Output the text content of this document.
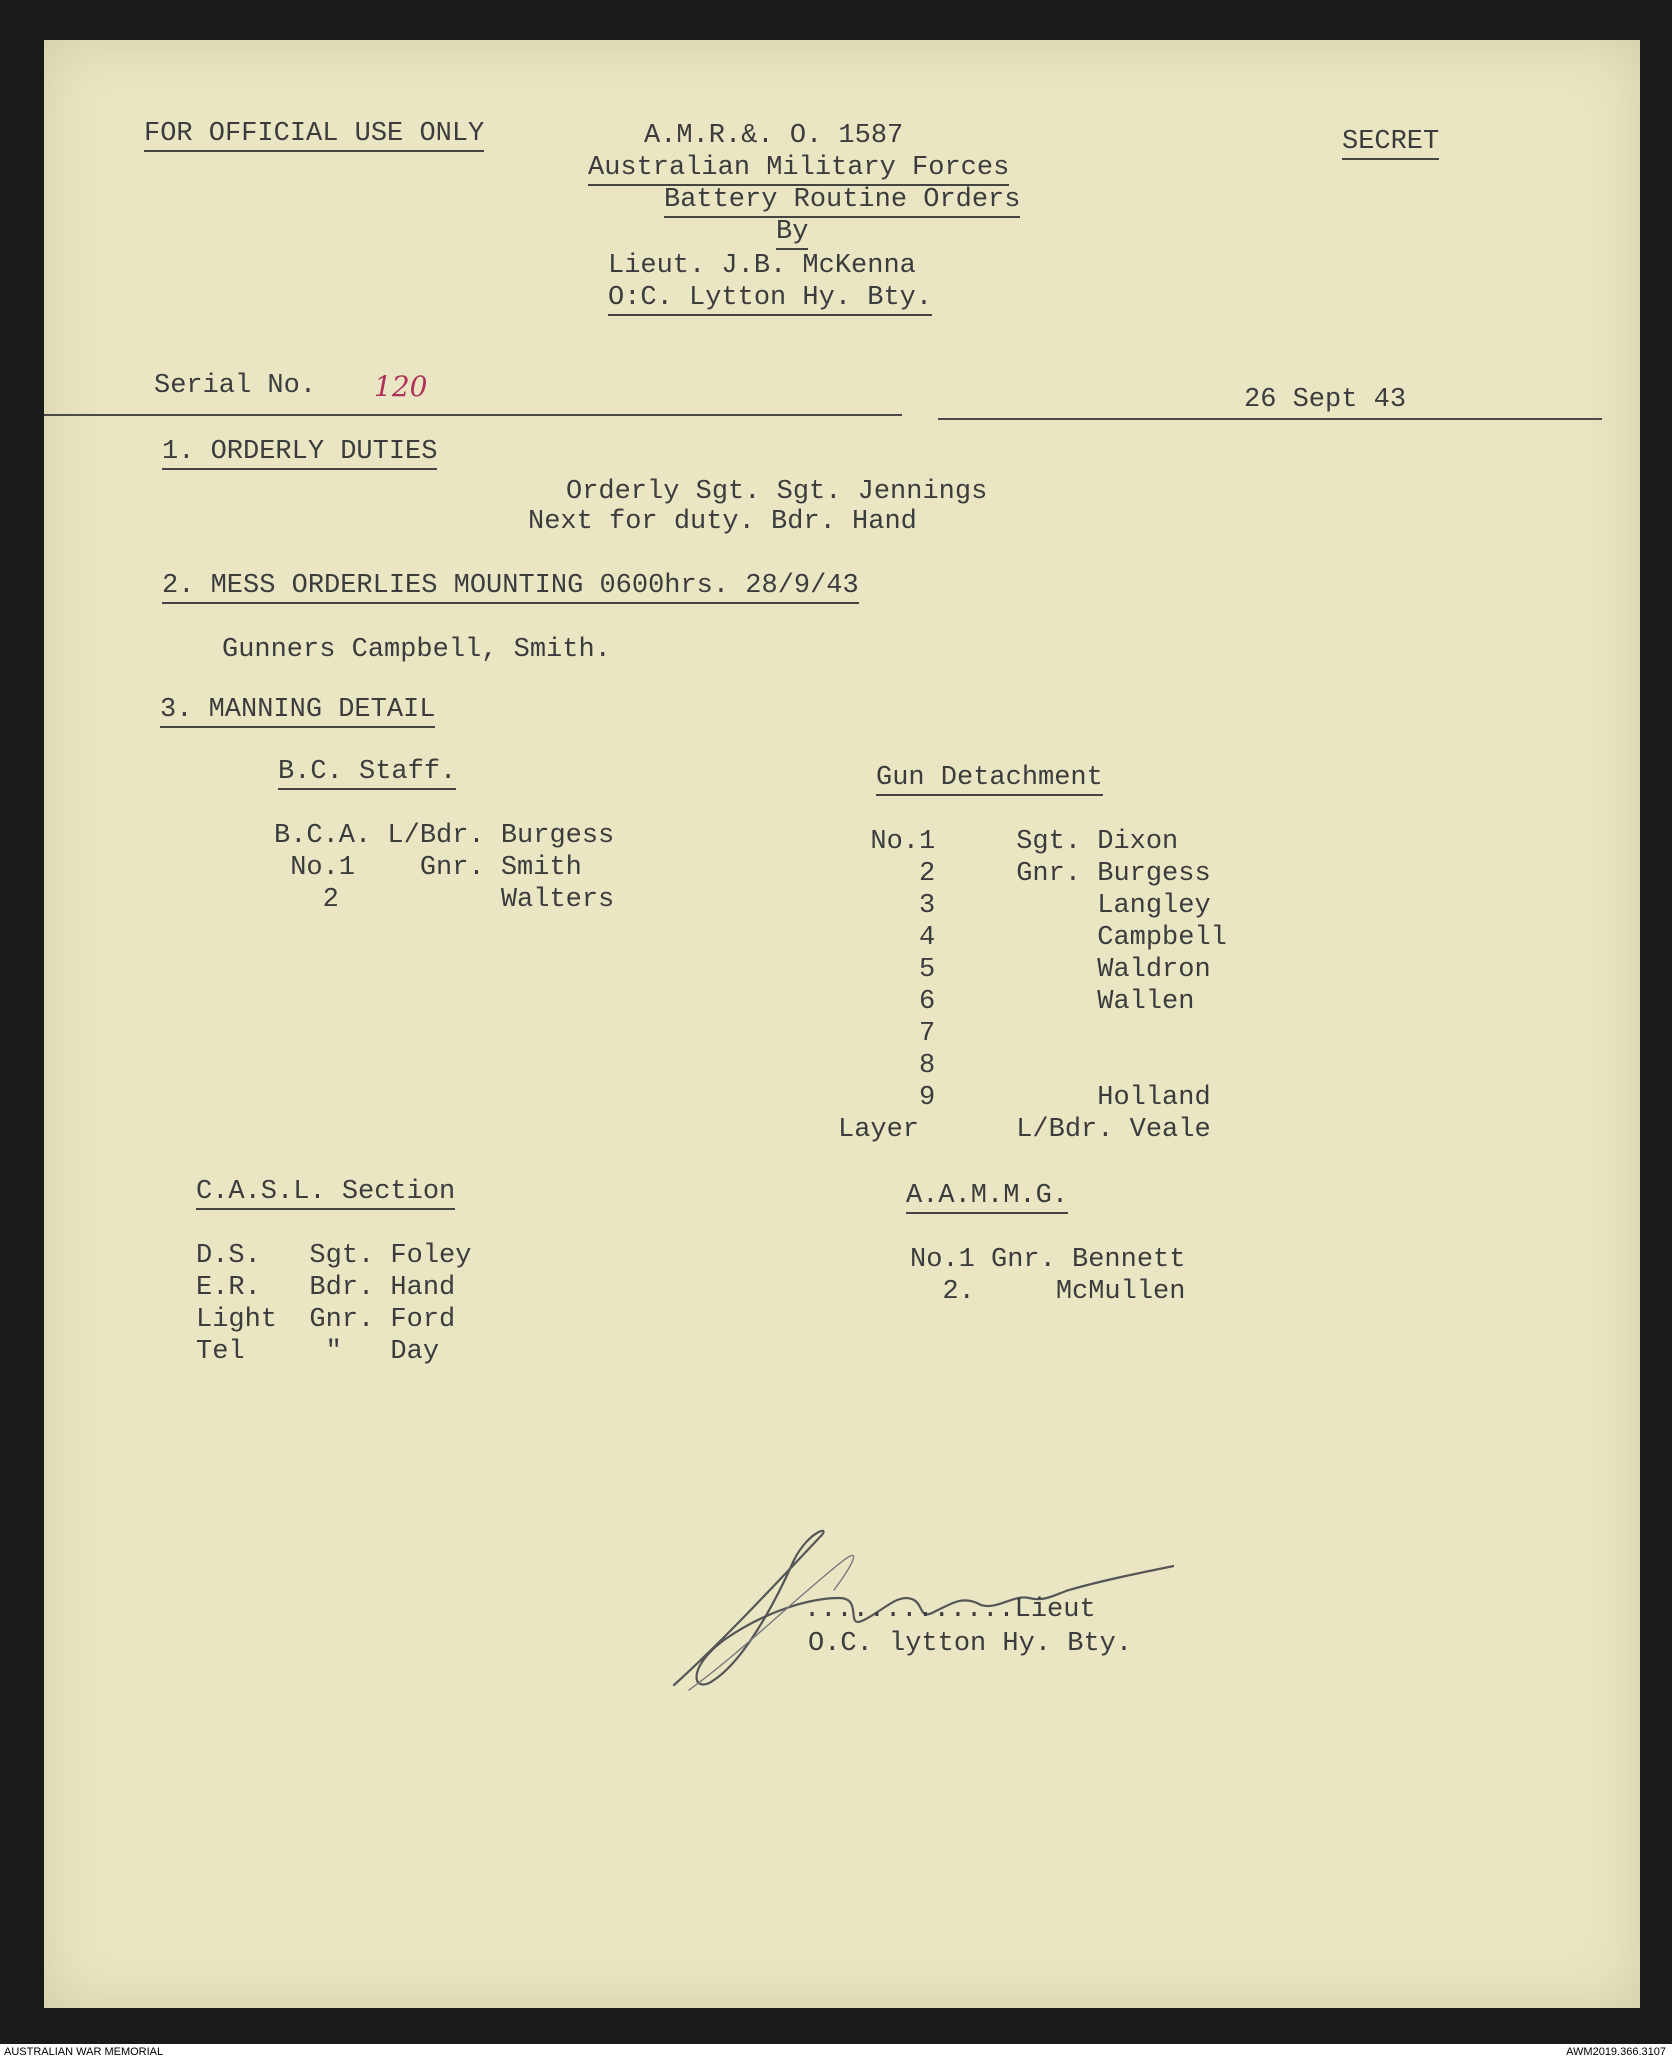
FOR OFFICIAL USE ONLY	A.M.R.&. O. 1587	SECRET
Australian Military Forces
Battery Routine Orders
By
Lieut. J.B. McKenna
O:C. Lytton Hy. Bty.
Serial No. 120	26 Sept 43
1. ORDERLY DUTIES
Orderly Sgt. Sgt. Jennings
Next for duty. Bdr. Hand
2. MESS ORDERLIES MOUNTING 0600hrs. 28/9/43
Gunners Campbell, Smith.
3. MANNING DETAIL
B.C. Staff.
B.C.A. L/Bdr. Burgess
No.1    Gnr. Smith
2          Walters
Gun Detachment
No.1     Sgt. Dixon
2     Gnr. Burgess
3          Langley
4          Campbell
5          Waldron
6          Wallen
7
8
9          Holland
Layer      L/Bdr. Veale
C.A.S.L. Section
D.S.   Sgt. Foley
E.R.   Bdr. Hand
Light  Gnr. Ford
Tel     "   Day
A.A.M.M.G.
No.1 Gnr. Bennett
2.     McMullen
.............Lieut
O.C. lytton Hy. Bty.
AUSTRALIAN WAR MEMORIAL	AWM2019.366.3107
